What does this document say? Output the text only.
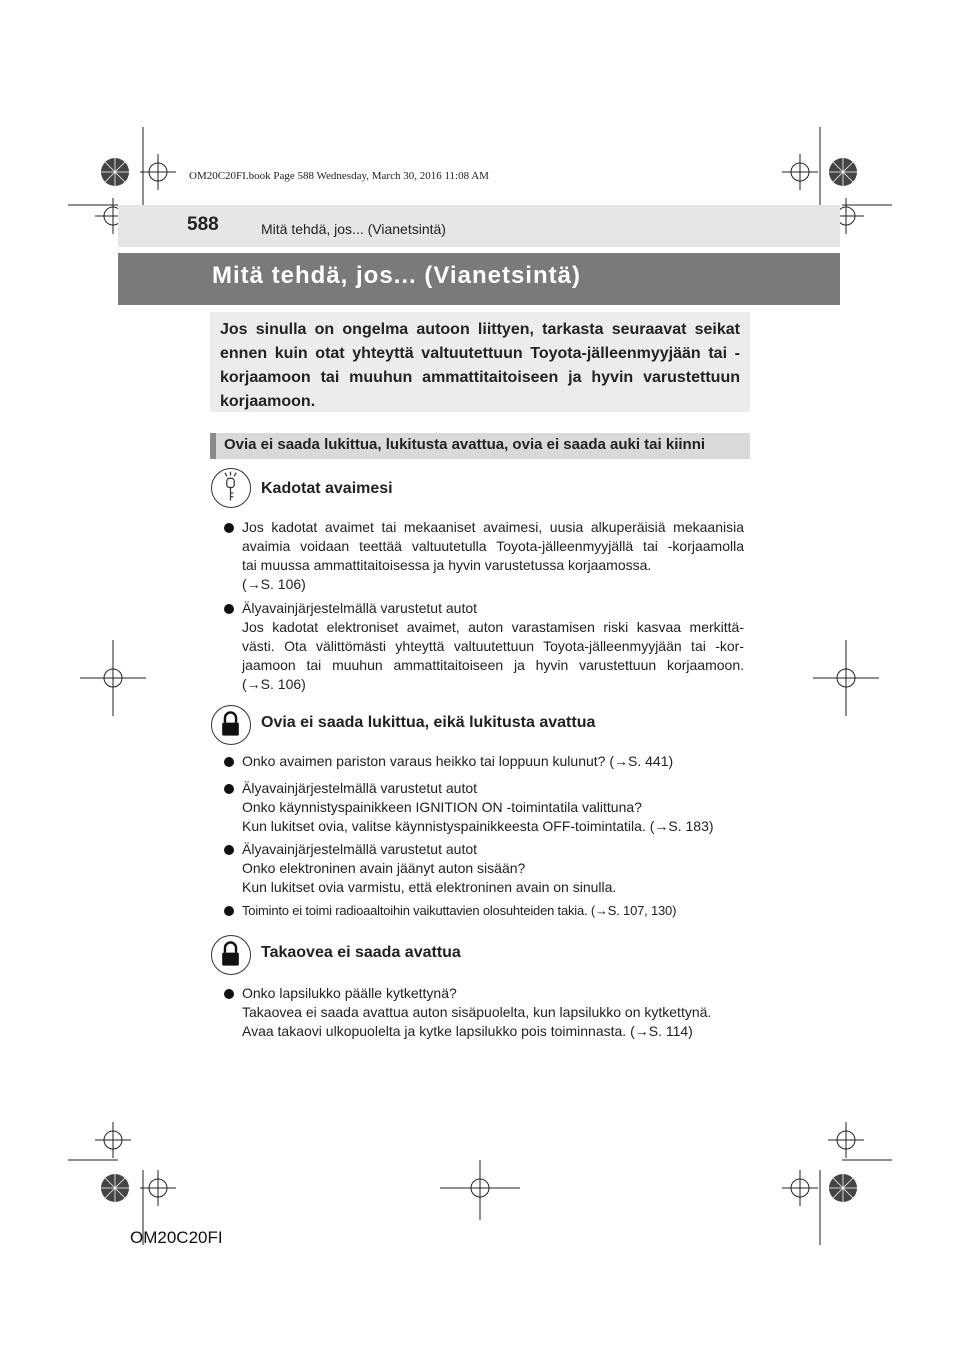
OM20C20FI.book Page 588 Wednesday, March 30, 2016 11:08 AM
588	Mitä tehdä, jos... (Vianetsintä)
Mitä tehdä, jos... (Vianetsintä)
Jos sinulla on ongelma autoon liittyen, tarkasta seuraavat seikat ennen kuin otat yhteyttä valtuutettuun Toyota-jälleenmyyjään tai -korjaamoon tai muuhun ammattitaitoiseen ja hyvin varustettuun korjaamoon.
Ovia ei saada lukittua, lukitusta avattua, ovia ei saada auki tai kiinni
Kadotat avaimesi
Jos kadotat avaimet tai mekaaniset avaimesi, uusia alkuperäisiä mekaanisia
avaimia voidaan teettää valtuutetulla Toyota-jälleenmyyjällä tai -korjaamolla
tai muussa ammattitaitoisessa ja hyvin varustetussa korjaamossa.
(→S. 106)
Älyavainjärjestelmällä varustetut autot
Jos kadotat elektroniset avaimet, auton varastamisen riski kasvaa merkittä-
västi. Ota välittömästi yhteyttä valtuutettuun Toyota-jälleenmyyjään tai -kor-
jaamoon tai muuhun ammattitaitoiseen ja hyvin varustettuun korjaamoon.
(→S. 106)
Ovia ei saada lukittua, eikä lukitusta avattua
Onko avaimen pariston varaus heikko tai loppuun kulunut? (→S. 441)
Älyavainjärjestelmällä varustetut autot
Onko käynnistyspainikkeen IGNITION ON -toimintatila valittuna?
Kun lukitset ovia, valitse käynnistyspainikkeesta OFF-toimintatila. (→S. 183)
Älyavainjärjestelmällä varustetut autot
Onko elektroninen avain jäänyt auton sisään?
Kun lukitset ovia varmistu, että elektroninen avain on sinulla.
Toiminto ei toimi radioaaltoihin vaikuttavien olosuhteiden takia. (→S. 107, 130)
Takaovea ei saada avattua
Onko lapsilukko päälle kytkettynä?
Takaovea ei saada avattua auton sisäpuolelta, kun lapsilukko on kytkettynä.
Avaa takaovi ulkopuolelta ja kytke lapsilukko pois toiminnasta. (→S. 114)
OM20C20FI
